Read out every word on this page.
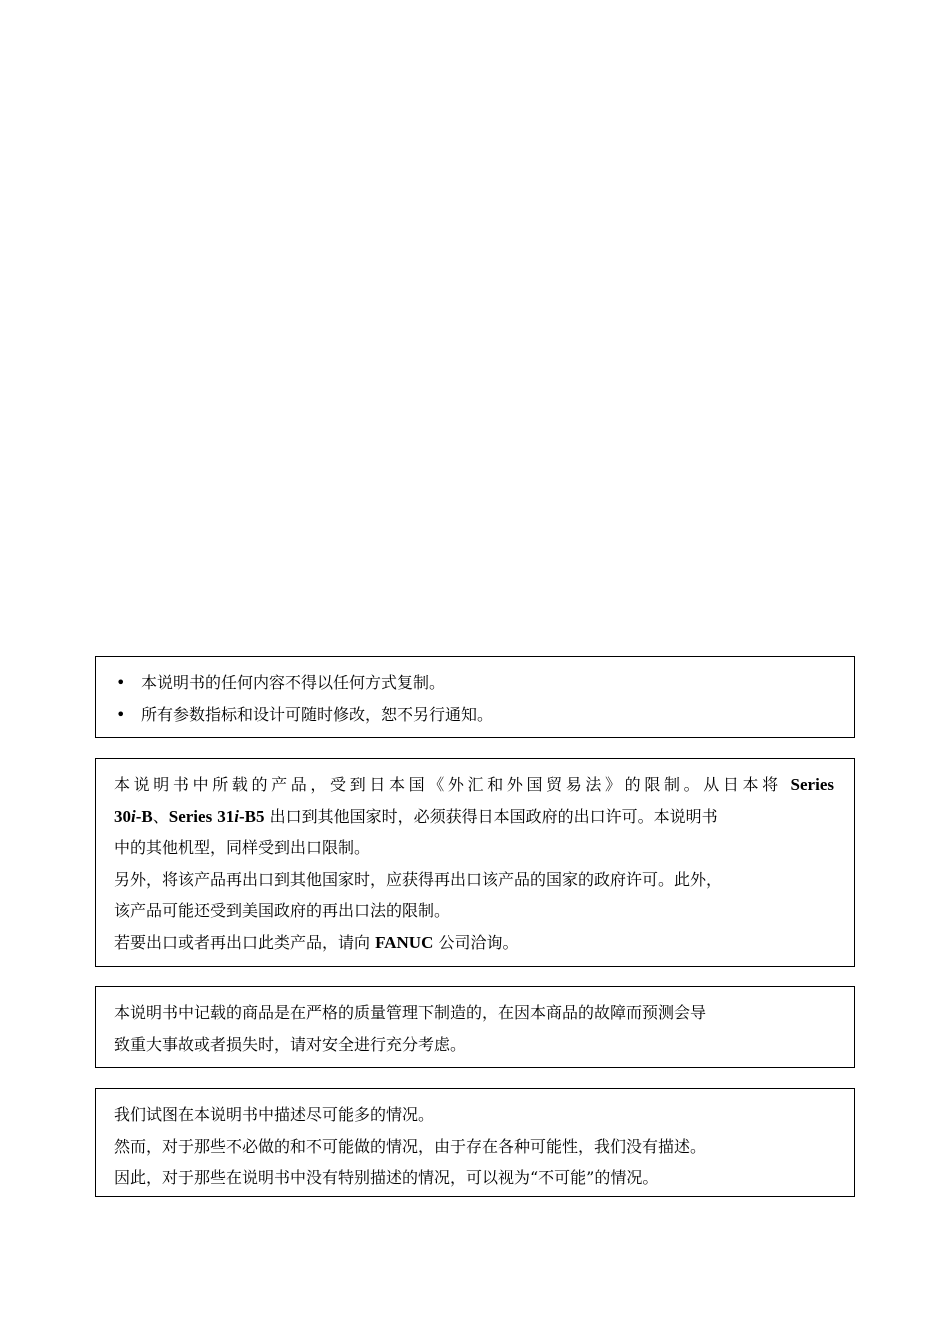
• 本说明书的任何内容不得以任何方式复制。
• 所有参数指标和设计可随时修改，恕不另行通知。
本说明书中所载的产品，受到日本国《外汇和外国贸易法》的限制。从日本将 Series
30i-B、Series 31i-B5 出口到其他国家时，必须获得日本国政府的出口许可。本说明书
中的其他机型，同样受到出口限制。
另外，将该产品再出口到其他国家时，应获得再出口该产品的国家的政府许可。此外，
该产品可能还受到美国政府的再出口法的限制。
若要出口或者再出口此类产品，请向 FANUC 公司洽询。
本说明书中记载的商品是在严格的质量管理下制造的，在因本商品的故障而预测会导
致重大事故或者损失时，请对安全进行充分考虑。
我们试图在本说明书中描述尽可能多的情况。
然而，对于那些不必做的和不可能做的情况，由于存在各种可能性，我们没有描述。
因此，对于那些在说明书中没有特别描述的情况，可以视为“不可能”的情况。
